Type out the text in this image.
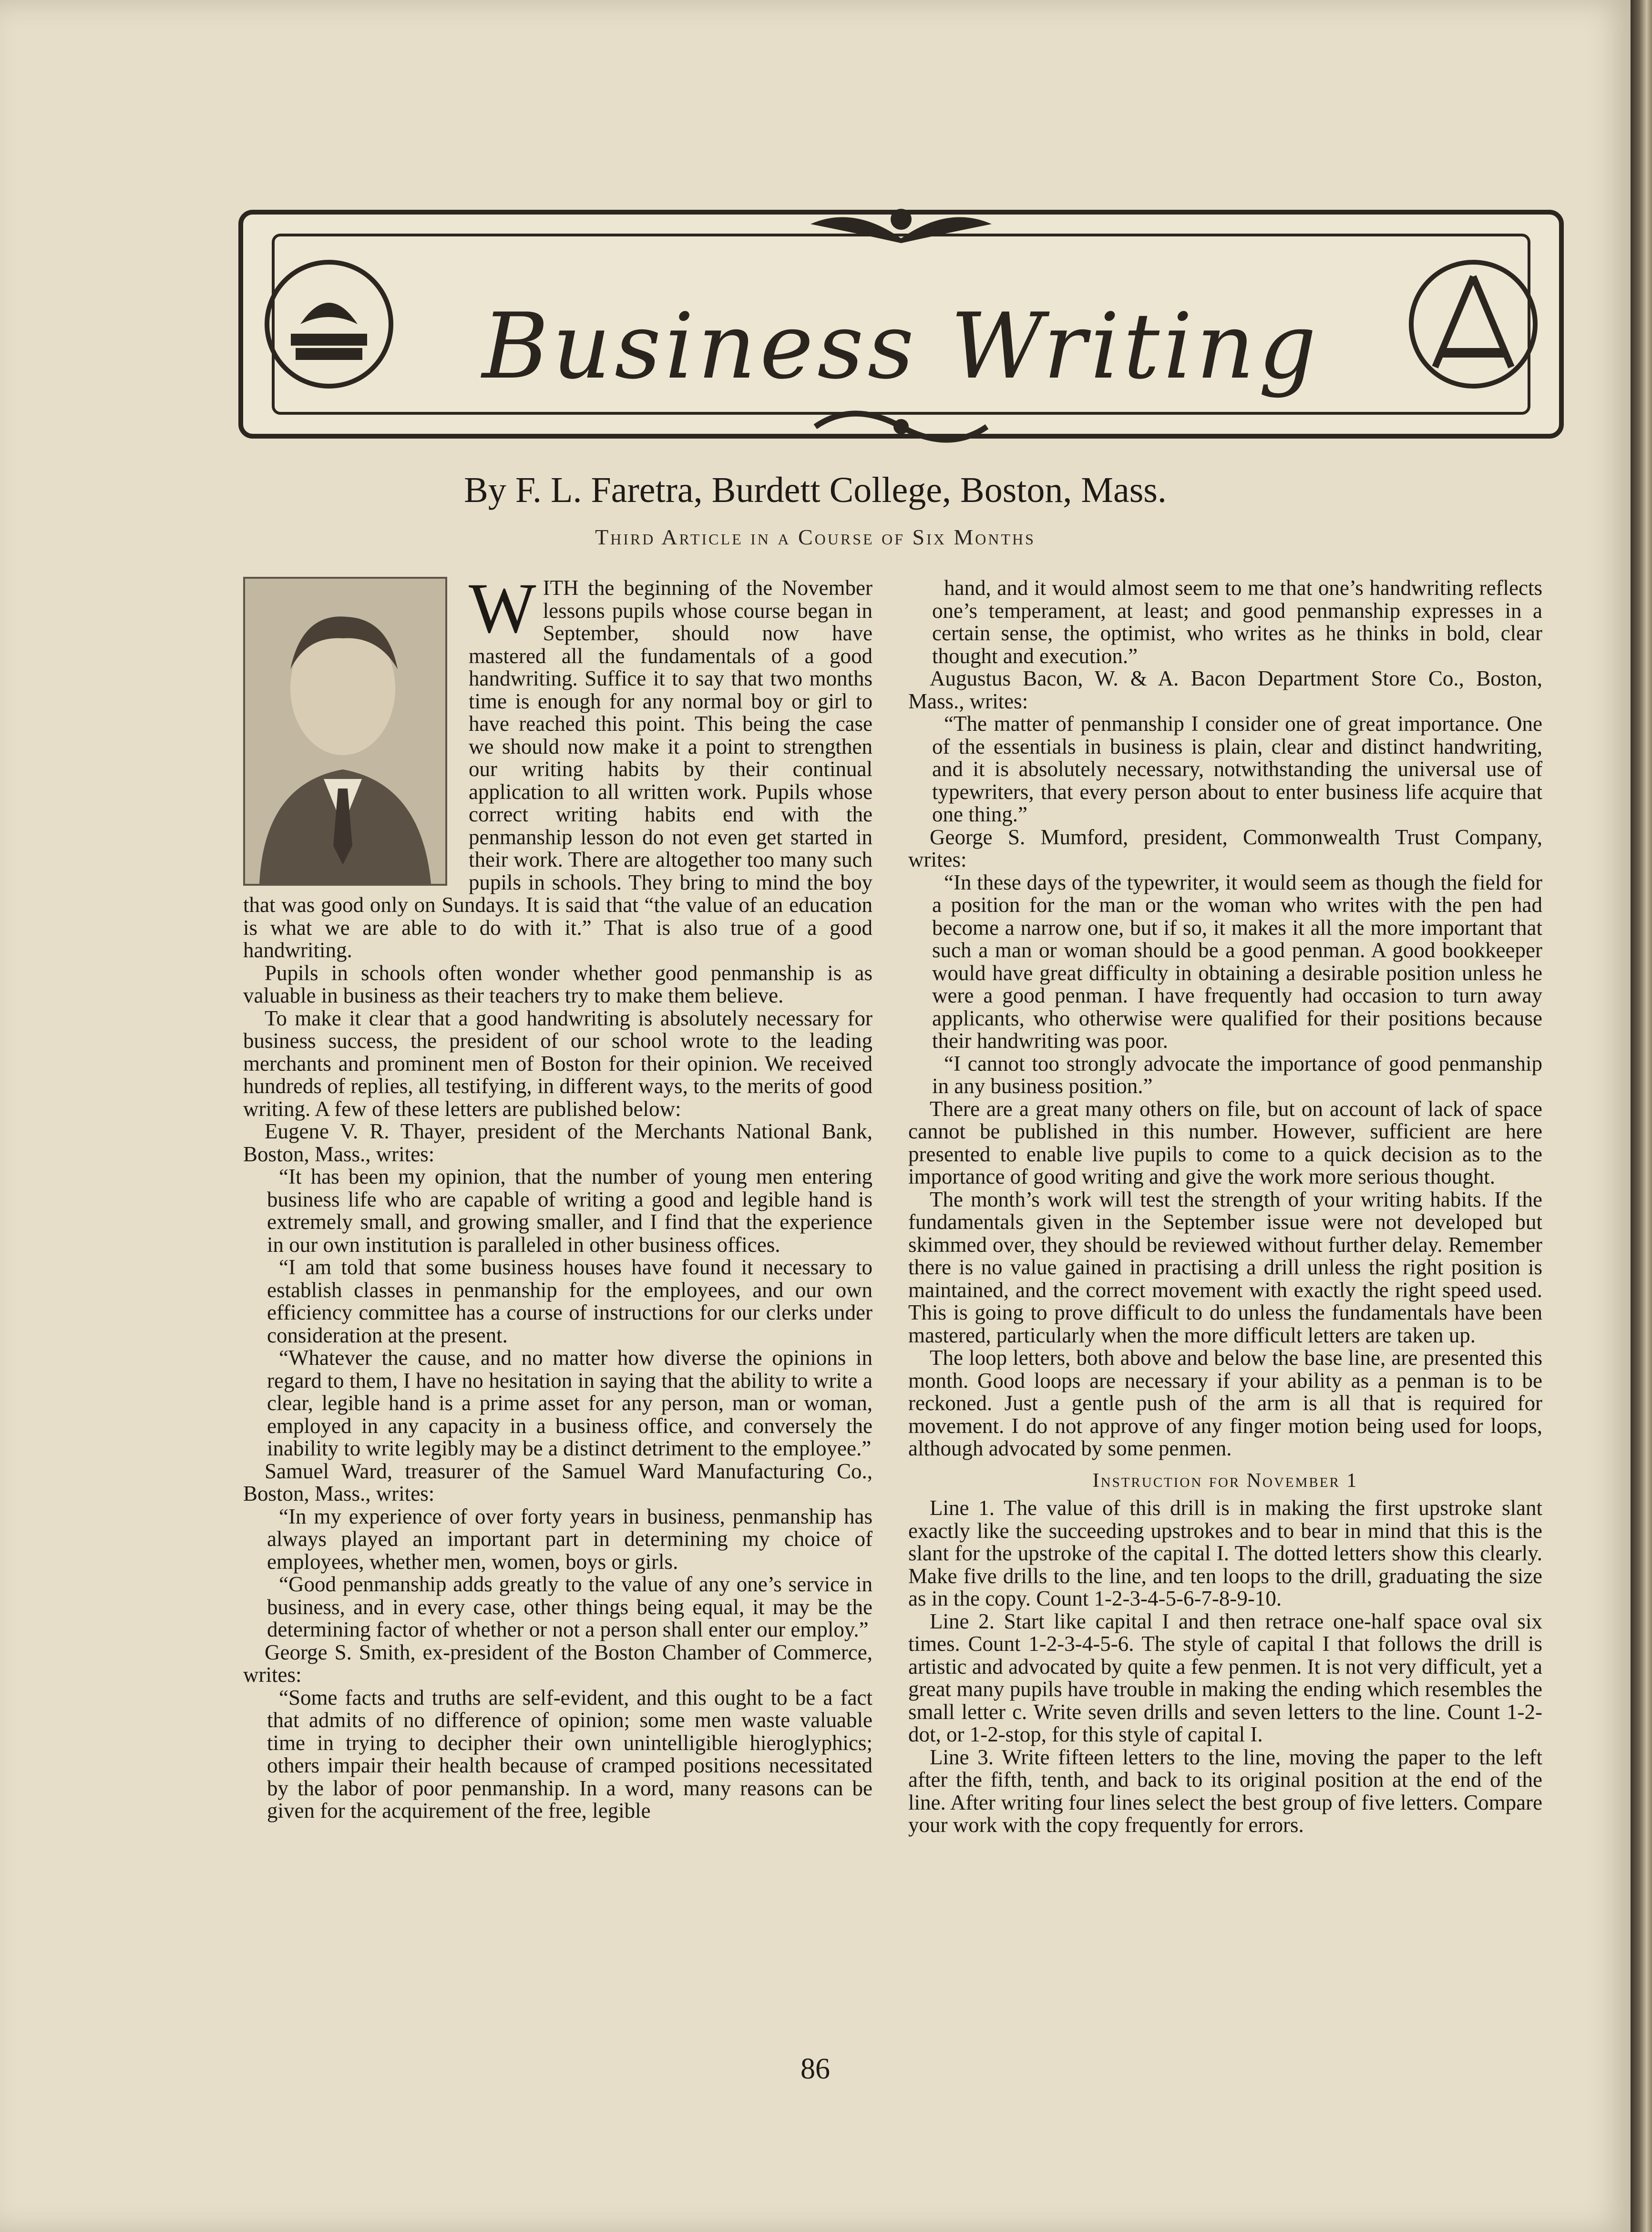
Business Writing
By F. L. Faretra, Burdett College, Boston, Mass.
Third Article in a Course of Six Months

WITH the beginning of the November lessons pupils whose course began in September, should now have mastered all the fundamentals of a good handwriting. Suffice it to say that two months time is enough for any normal boy or girl to have reached this point. This being the case we should now make it a point to strengthen our writing habits by their continual application to all written work. Pupils whose correct writing habits end with the penmanship lesson do not even get started in their work. There are altogether too many such pupils in schools. They bring to mind the boy that was good only on Sundays. It is said that “the value of an education is what we are able to do with it.” That is also true of a good handwriting.

Pupils in schools often wonder whether good penmanship is as valuable in business as their teachers try to make them believe.

To make it clear that a good handwriting is absolutely necessary for business success, the president of our school wrote to the leading merchants and prominent men of Boston for their opinion. We received hundreds of replies, all testifying, in different ways, to the merits of good writing. A few of these letters are published below:

Eugene V. R. Thayer, president of the Merchants National Bank, Boston, Mass., writes:

“It has been my opinion, that the number of young men entering business life who are capable of writing a good and legible hand is extremely small, and growing smaller, and I find that the experience in our own institution is paralleled in other business offices.

“I am told that some business houses have found it necessary to establish classes in penmanship for the employees, and our own efficiency committee has a course of instructions for our clerks under consideration at the present.

“Whatever the cause, and no matter how diverse the opinions in regard to them, I have no hesitation in saying that the ability to write a clear, legible hand is a prime asset for any person, man or woman, employed in any capacity in a business office, and conversely the inability to write legibly may be a distinct detriment to the employee.”

Samuel Ward, treasurer of the Samuel Ward Manufacturing Co., Boston, Mass., writes:

“In my experience of over forty years in business, penmanship has always played an important part in determining my choice of employees, whether men, women, boys or girls.

“Good penmanship adds greatly to the value of any one’s service in business, and in every case, other things being equal, it may be the determining factor of whether or not a person shall enter our employ.”

George S. Smith, ex-president of the Boston Chamber of Commerce, writes:

“Some facts and truths are self-evident, and this ought to be a fact that admits of no difference of opinion; some men waste valuable time in trying to decipher their own unintelligible hieroglyphics; others impair their health because of cramped positions necessitated by the labor of poor penmanship. In a word, many reasons can be given for the acquirement of the free, legible

hand, and it would almost seem to me that one’s handwriting reflects one’s temperament, at least; and good penmanship expresses in a certain sense, the optimist, who writes as he thinks in bold, clear thought and execution.”

Augustus Bacon, W. & A. Bacon Department Store Co., Boston, Mass., writes:

“The matter of penmanship I consider one of great importance. One of the essentials in business is plain, clear and distinct handwriting, and it is absolutely necessary, notwithstanding the universal use of typewriters, that every person about to enter business life acquire that one thing.”

George S. Mumford, president, Commonwealth Trust Company, writes:

“In these days of the typewriter, it would seem as though the field for a position for the man or the woman who writes with the pen had become a narrow one, but if so, it makes it all the more important that such a man or woman should be a good penman. A good bookkeeper would have great difficulty in obtaining a desirable position unless he were a good penman. I have frequently had occasion to turn away applicants, who otherwise were qualified for their positions because their handwriting was poor.

“I cannot too strongly advocate the importance of good penmanship in any business position.”

There are a great many others on file, but on account of lack of space cannot be published in this number. However, sufficient are here presented to enable live pupils to come to a quick decision as to the importance of good writing and give the work more serious thought.

The month’s work will test the strength of your writing habits. If the fundamentals given in the September issue were not developed but skimmed over, they should be reviewed without further delay. Remember there is no value gained in practising a drill unless the right position is maintained, and the correct movement with exactly the right speed used. This is going to prove difficult to do unless the fundamentals have been mastered, particularly when the more difficult letters are taken up.

The loop letters, both above and below the base line, are presented this month. Good loops are necessary if your ability as a penman is to be reckoned. Just a gentle push of the arm is all that is required for movement. I do not approve of any finger motion being used for loops, although advocated by some penmen.

Instruction for November 1

Line 1. The value of this drill is in making the first upstroke slant exactly like the succeeding upstrokes and to bear in mind that this is the slant for the upstroke of the capital I. The dotted letters show this clearly. Make five drills to the line, and ten loops to the drill, graduating the size as in the copy. Count 1-2-3-4-5-6-7-8-9-10.

Line 2. Start like capital I and then retrace one-half space oval six times. Count 1-2-3-4-5-6. The style of capital I that follows the drill is artistic and advocated by quite a few penmen. It is not very difficult, yet a great many pupils have trouble in making the ending which resembles the small letter c. Write seven drills and seven letters to the line. Count 1-2-dot, or 1-2-stop, for this style of capital I.

Line 3. Write fifteen letters to the line, moving the paper to the left after the fifth, tenth, and back to its original position at the end of the line. After writing four lines select the best group of five letters. Compare your work with the copy frequently for errors.

86
